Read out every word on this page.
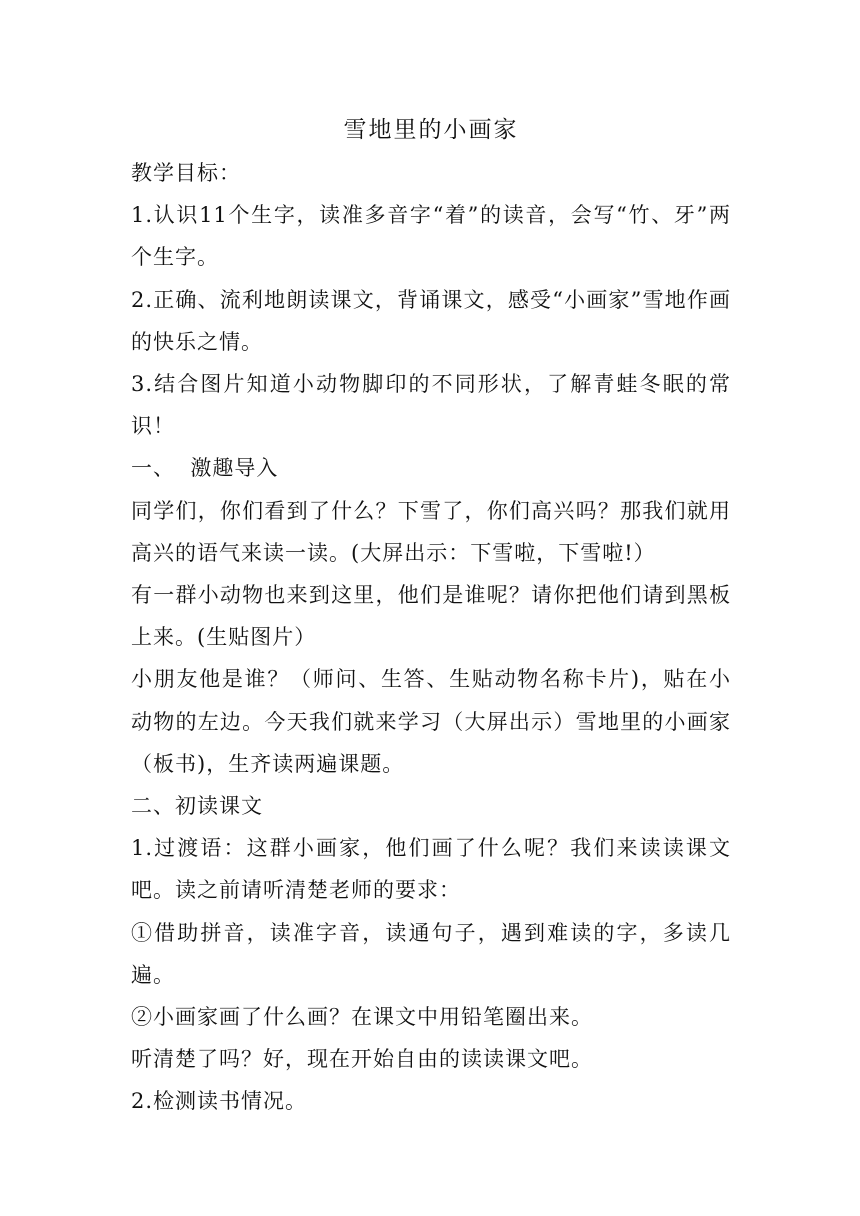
雪地里的小画家

教学目标：

1.认识11个生字，读准多音字“着”的读音，会写“竹、牙”两个生字。

2.正确、流利地朗读课文，背诵课文，感受“小画家”雪地作画的快乐之情。

3.结合图片知道小动物脚印的不同形状，了解青蛙冬眠的常识！

一、  激趣导入

同学们，你们看到了什么？下雪了，你们高兴吗？那我们就用高兴的语气来读一读。(大屏出示：下雪啦，下雪啦!）

有一群小动物也来到这里，他们是谁呢？请你把他们请到黑板上来。(生贴图片）

小朋友他是谁？（师问、生答、生贴动物名称卡片)，贴在小动物的左边。今天我们就来学习（大屏出示）雪地里的小画家（板书)，生齐读两遍课题。

二、初读课文

1.过渡语：这群小画家，他们画了什么呢？我们来读读课文吧。读之前请听清楚老师的要求：

①借助拼音，读准字音，读通句子，遇到难读的字，多读几遍。

②小画家画了什么画？在课文中用铅笔圈出来。

听清楚了吗？好，现在开始自由的读读课文吧。

2.检测读书情况。
